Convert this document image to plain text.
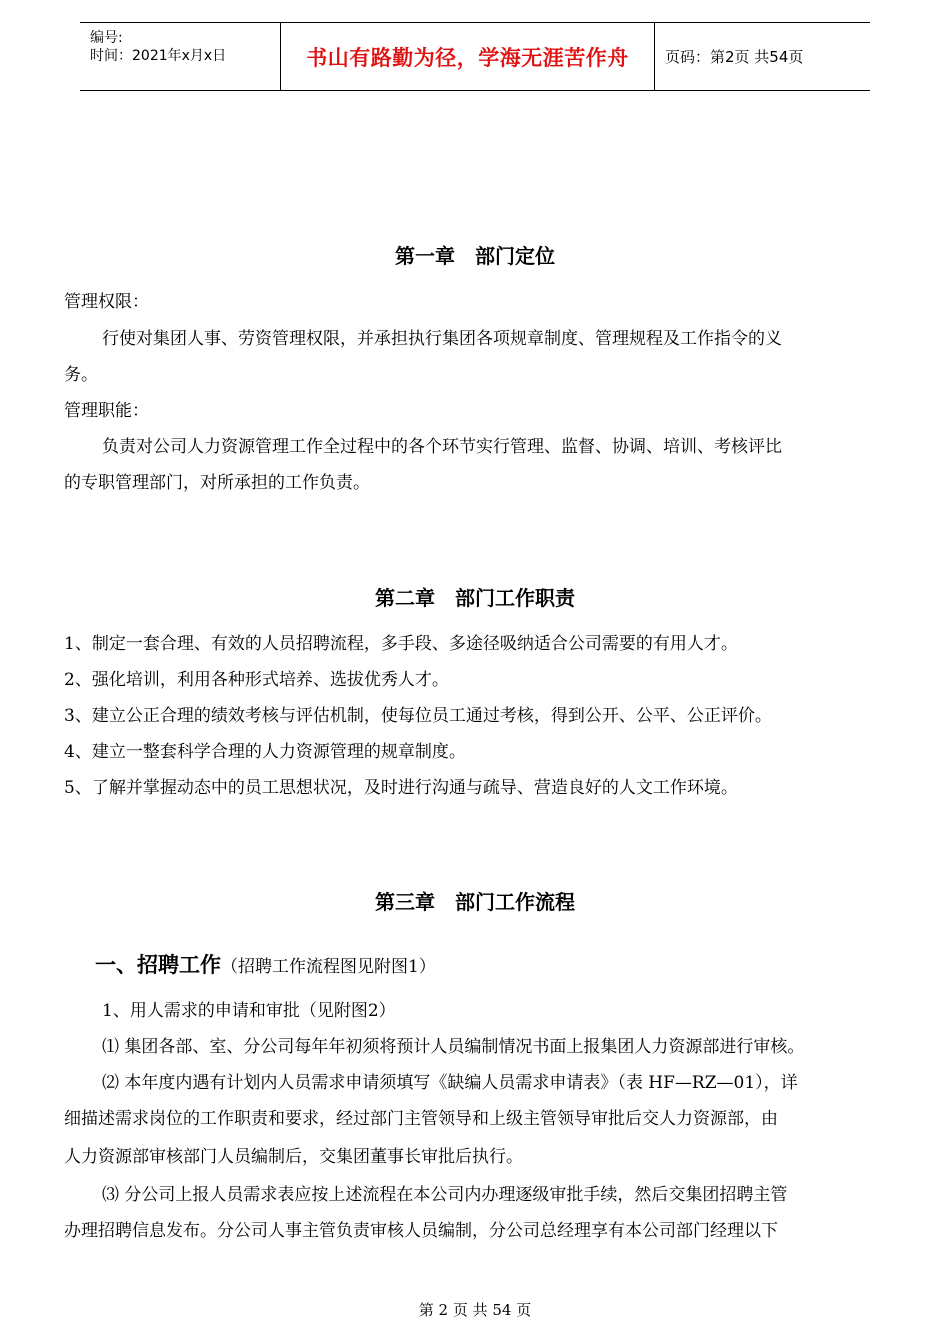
编号:
时间：2021年x月x日	书山有路勤为径，学海无涯苦作舟	页码：第2页 共54页
第一章　部门定位
管理权限：
行使对集团人事、劳资管理权限，并承担执行集团各项规章制度、管理规程及工作指令的义
务。
管理职能：
负责对公司人力资源管理工作全过程中的各个环节实行管理、监督、协调、培训、考核评比
的专职管理部门，对所承担的工作负责。
第二章　部门工作职责
1、制定一套合理、有效的人员招聘流程，多手段、多途径吸纳适合公司需要的有用人才。
2、强化培训，利用各种形式培养、选拔优秀人才。
3、建立公正合理的绩效考核与评估机制，使每位员工通过考核，得到公开、公平、公正评价。
4、建立一整套科学合理的人力资源管理的规章制度。
5、了解并掌握动态中的员工思想状况，及时进行沟通与疏导、营造良好的人文工作环境。
第三章　部门工作流程
一、招聘工作（招聘工作流程图见附图1）
1、用人需求的申请和审批（见附图2）
⑴ 集团各部、室、分公司每年年初须将预计人员编制情况书面上报集团人力资源部进行审核。
⑵ 本年度内遇有计划内人员需求申请须填写《缺编人员需求申请表》（表 HF—RZ—01），详
细描述需求岗位的工作职责和要求，经过部门主管领导和上级主管领导审批后交人力资源部，由
人力资源部审核部门人员编制后，交集团董事长审批后执行。
⑶ 分公司上报人员需求表应按上述流程在本公司内办理逐级审批手续，然后交集团招聘主管
办理招聘信息发布。分公司人事主管负责审核人员编制，分公司总经理享有本公司部门经理以下
第 2 页 共 54 页
